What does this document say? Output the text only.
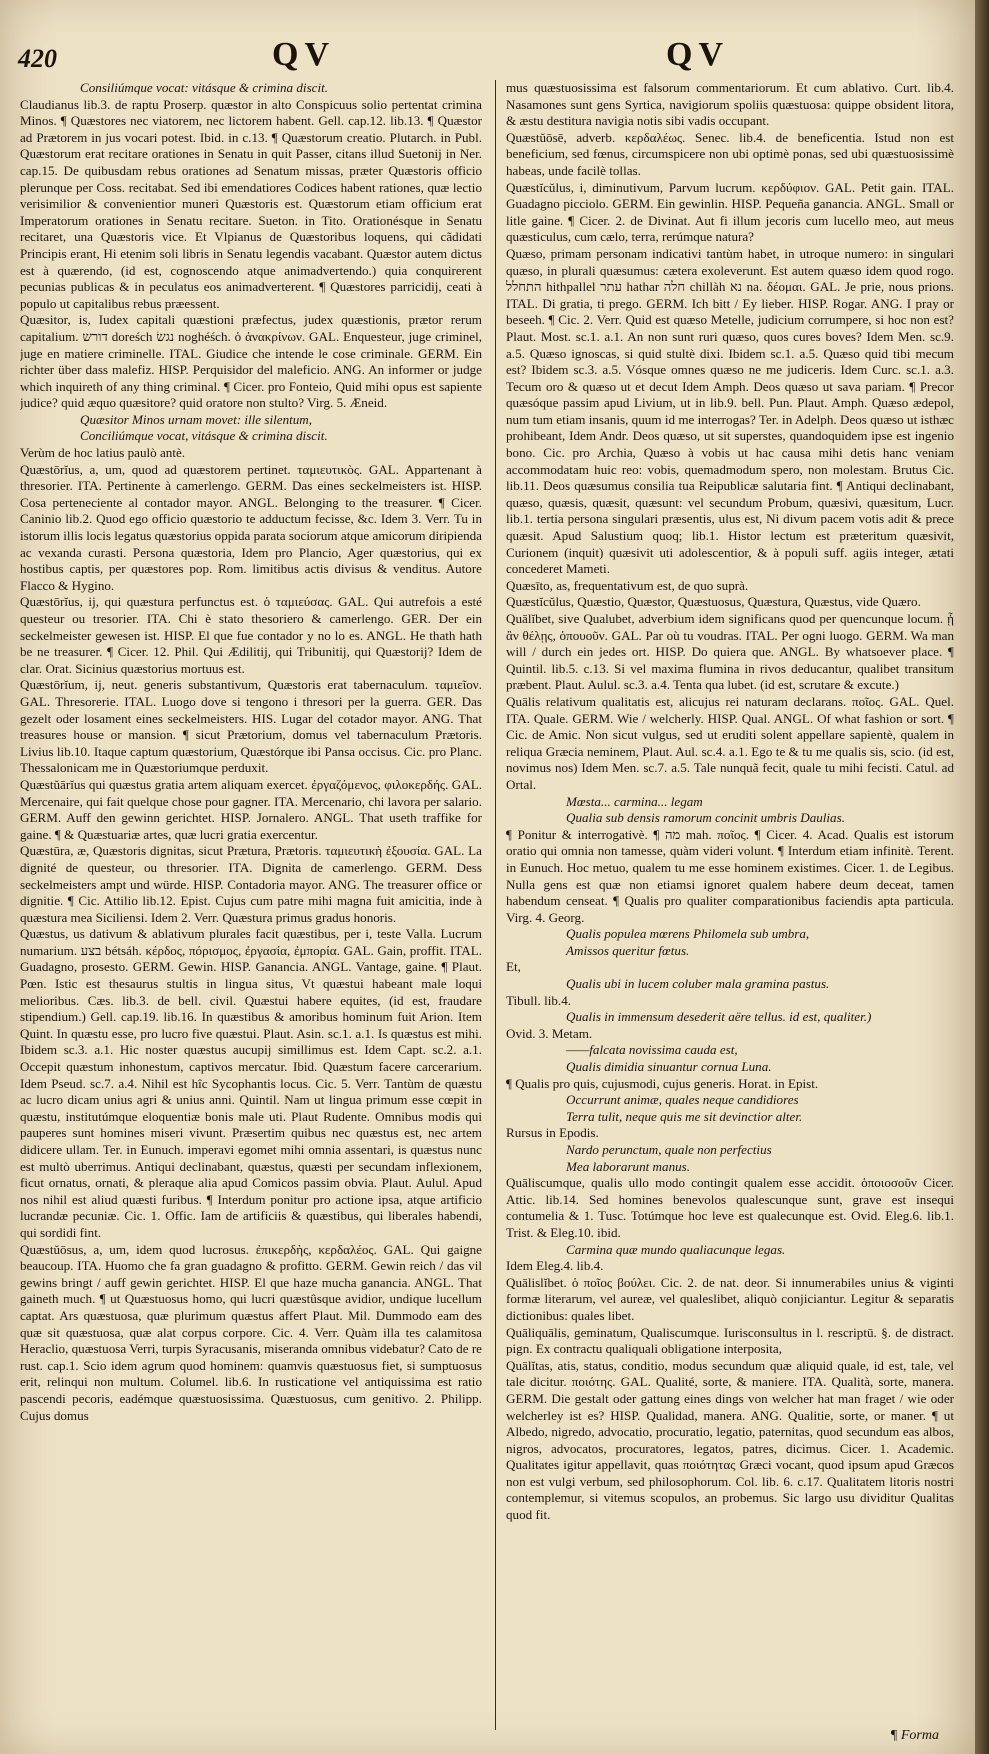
420	QV	QV

Consiliúmque vocat: vitásque & crimina discit.

Claudianus lib.3. de raptu Proserp. quæstor in alto Conspicuus solio pertentat crimina Minos. ¶ Quæstores nec viatorem, nec lictorem habent. Gell. cap.12. lib.13. ¶ Quæstor ad Prætorem in jus vocari potest. Ibid. in c.13. ¶ Quæstorum creatio. Plutarch. in Publ. Quæstorum erat recitare orationes in Senatu in quit Passer, citans illud Suetonij in Ner. cap.15. De quibusdam rebus orationes ad Senatum missas, præter Quæstoris officio plerunque per Coss. recitabat. Sed ibi emendatiores Codices habent rationes, quæ lectio verisimilior & convenientior muneri Quæstoris est. Quæstorum etiam officium erat Imperatorum orationes in Senatu recitare. Sueton. in Tito. Orationésque in Senatu recitaret, una Quæstoris vice. Et Vlpianus de Quæstoribus loquens, qui cãdidati Principis erant, Hi etenim soli libris in Senatu legendis vacabant. Quæstor autem dictus est à quærendo, (id est, cognoscendo atque animadvertendo.) quia conquirerent pecunias publicas & in peculatus eos animadverterent. ¶ Quæstores parricidij, ceati à populo ut capitalibus rebus præessent.

Quæsitor, is, Iudex capitali quæstioni præfectus, judex quæstionis, prætor rerum capitalium. דורש doreśch נגשׂ noghéśch. ὁ ἀνακρίνων. GAL. Enquesteur, juge criminel, juge en matiere criminelle. ITAL. Giudice che intende le cose criminale. GERM. Ein richter über dass malefiz. HISP. Perquisidor del maleficio. ANG. An informer or judge which inquireth of any thing criminal. ¶ Cicer. pro Fonteio, Quid mihi opus est sapiente judice? quid æquo quæsitore? quid oratore non stulto? Virg. 5. Æneid.

Quæsitor Minos urnam movet: ille silentum,

Conciliúmque vocat, vitásque & crimina discit.

Verùm de hoc latius paulò antè.

Quæstōrĭus, a, um, quod ad quæstorem pertinet. ταμιευτικὸς. GAL. Appartenant à thresorier. ITA. Pertinente à camerlengo. GERM. Das eines seckelmeisters ist. HISP. Cosa perteneciente al contador mayor. ANGL. Belonging to the treasurer. ¶ Cicer. Caninio lib.2. Quod ego officio quæstorio te adductum fecisse, &c. Idem 3. Verr. Tu in istorum illis locis legatus quæstorius oppida parata sociorum atque amicorum diripienda ac vexanda curasti. Persona quæstoria, Idem pro Plancio, Ager quæstorius, qui ex hostibus captis, per quæstores pop. Rom. limitibus actis divisus & venditus. Autore Flacco & Hygino.

Quæstōrĭus, ij, qui quæstura perfunctus est. ὁ ταμιεύσας. GAL. Qui autrefois a esté questeur ou tresorier. ITA. Chi è stato thesoriero & camerlengo. GER. Der ein seckelmeister gewesen ist. HISP. El que fue contador y no lo es. ANGL. He thath hath be ne treasurer. ¶ Cicer. 12. Phil. Qui Ædilitij, qui Tribunitij, qui Quæstorij? Idem de clar. Orat. Sicinius quæstorius mortuus est.

Quæstōrĭum, ij, neut. generis substantivum, Quæstoris erat tabernaculum. ταμιεῖον. GAL. Thresorerie. ITAL. Luogo dove si tengono i thresori per la guerra. GER. Das gezelt oder losament eines seckelmeisters. HIS. Lugar del cotador mayor. ANG. That treasures house or mansion. ¶ sicut Prætorium, domus vel tabernaculum Prætoris. Livius lib.10. Itaque captum quæstorium, Quæstórque ibi Pansa occisus. Cic. pro Planc. Thessalonicam me in Quæstoriumque perduxit.

Quæstŭārĭus qui quæstus gratia artem aliquam exercet. ἐργαζόμενος, φιλοκερδής. GAL. Mercenaire, qui fait quelque chose pour gagner. ITA. Mercenario, chi lavora per salario. GERM. Auff den gewinn gerichtet. HISP. Jornalero. ANGL. That useth traffike for gaine. ¶ & Quæstuariæ artes, quæ lucri gratia exercentur.

Quæstūra, æ, Quæstoris dignitas, sicut Prætura, Prætoris. ταμιευτικὴ ἐξουσία. GAL. La dignité de questeur, ou thresorier. ITA. Dignita de camerlengo. GERM. Dess seckelmeisters ampt und würde. HISP. Contadoria mayor. ANG. The treasurer office or dignitie. ¶ Cic. Attilio lib.12. Epist. Cujus cum patre mihi magna fuit amicitia, inde à quæstura mea Siciliensi. Idem 2. Verr. Quæstura primus gradus honoris.

Quæstus, us dativum & ablativum plurales facit quæstibus, per i, teste Valla. Lucrum numarium. בצע bétsáh. κέρδος, πόρισμος, ἐργασία, ἐμπορία. GAL. Gain, proffit. ITAL. Guadagno, prosesto. GERM. Gewin. HISP. Ganancia. ANGL. Vantage, gaine. ¶ Plaut. Pœn. Istic est thesaurus stultis in lingua situs, Vt quæstui habeant male loqui melioribus. Cæs. lib.3. de bell. civil. Quæstui habere equites, (id est, fraudare stipendium.) Gell. cap.19. lib.16. In quæstibus & amoribus hominum fuit Arion. Item Quint. In quæstu esse, pro lucro five quæstui. Plaut. Asin. sc.1. a.1. Is quæstus est mihi. Ibidem sc.3. a.1. Hic noster quæstus aucupij simillimus est. Idem Capt. sc.2. a.1. Occepit quæstum inhonestum, captivos mercatur. Ibid. Quæstum facere carcerarium. Idem Pseud. sc.7. a.4. Nihil est hîc Sycophantis locus. Cic. 5. Verr. Tantùm de quæstu ac lucro dicam unius agri & unius anni. Quintil. Nam ut lingua primum esse cœpit in quæstu, institutúmque eloquentiæ bonis male uti. Plaut Rudente. Omnibus modis qui pauperes sunt homines miseri vivunt. Præsertim quibus nec quæstus est, nec artem didicere ullam. Ter. in Eunuch. imperavi egomet mihi omnia assentari, is quæstus nunc est multò uberrimus. Antiqui declinabant, quæstus, quæsti per secundam inflexionem, ficut ornatus, ornati, & pleraque alia apud Comicos passim obvia. Plaut. Aulul. Apud nos nihil est aliud quæsti furibus. ¶ Interdum ponitur pro actione ipsa, atque artificio lucrandæ pecuniæ. Cic. 1. Offic. Iam de artificiis & quæstibus, qui liberales habendi, qui sordidi fint.

Quæstŭōsus, a, um, idem quod lucrosus. ἐπικερδὴς, κερδαλέος. GAL. Qui gaigne beaucoup. ITA. Huomo che fa gran guadagno & profitto. GERM. Gewin reich / das vil gewins bringt / auff gewin gerichtet. HISP. El que haze mucha ganancia. ANGL. That gaineth much. ¶ ut Quæstuosus homo, qui lucri quæstûsque avidior, undique lucellum captat. Ars quæstuosa, quæ plurimum quæstus affert Plaut. Mil. Dummodo eam des quæ sit quæstuosa, quæ alat corpus corpore. Cic. 4. Verr. Quàm illa tes calamitosa Heraclio, quæstuosa Verri, turpis Syracusanis, miseranda omnibus videbatur? Cato de re rust. cap.1. Scio idem agrum quod hominem: quamvis quæstuosus fiet, si sumptuosus erit, relinqui non multum. Columel. lib.6. In rusticatione vel antiquissima est ratio pascendi pecoris, eadémque quæstuosissima. Quæstuosus, cum genitivo. 2. Philipp. Cujus domus

mus quæstuosissima est falsorum commentariorum. Et cum ablativo. Curt. lib.4. Nasamones sunt gens Syrtica, navigiorum spoliis quæstuosa: quippe obsident litora, & æstu destitura navigia notis sibi vadis occupant.

Quæstŭōsē, adverb. κερδαλέως. Senec. lib.4. de beneficentia. Istud non est beneficium, sed fœnus, circumspicere non ubi optimè ponas, sed ubi quæstuosissimè habeas, unde facilè tollas.

Quæstĭcŭlus, i, diminutivum, Parvum lucrum. κερδύφιον. GAL. Petit gain. ITAL. Guadagno picciolo. GERM. Ein gewinlin. HISP. Pequeña ganancia. ANGL. Small or litle gaine. ¶ Cicer. 2. de Divinat. Aut fi illum jecoris cum lucello meo, aut meus quæsticulus, cum cælo, terra, rerúmque natura?

Quæso, primam personam indicativi tantùm habet, in utroque numero: in singulari quæso, in plurali quæsumus: cætera exoleverunt. Est autem quæso idem quod rogo. התחלל hithpallel עתר hathar חלה chillàh נא na. δέομαι. GAL. Je prie, nous prions. ITAL. Di gratia, ti prego. GERM. Ich bitt / Ey lieber. HISP. Rogar. ANG. I pray or beseeh. ¶ Cic. 2. Verr. Quid est quæso Metelle, judicium corrumpere, si hoc non est? Plaut. Most. sc.1. a.1. An non sunt ruri quæso, quos cures boves? Idem Men. sc.9. a.5. Quæso ignoscas, si quid stultè dixi. Ibidem sc.1. a.5. Quæso quid tibi mecum est? Ibidem sc.3. a.5. Vósque omnes quæso ne me judiceris. Idem Curc. sc.1. a.3. Tecum oro & quæso ut et decut Idem Amph. Deos quæso ut sava pariam. ¶ Precor quæsóque passim apud Livium, ut in lib.9. bell. Pun. Plaut. Amph. Quæso ædepol, num tum etiam insanis, quum id me interrogas? Ter. in Adelph. Deos quæso ut isthæc prohibeant, Idem Andr. Deos quæso, ut sit superstes, quandoquidem ipse est ingenio bono. Cic. pro Archia, Quæso à vobis ut hac causa mihi detis hanc veniam accommodatam huic reo: vobis, quemadmodum spero, non molestam. Brutus Cic. lib.11. Deos quæsumus consilia tua Reipublicæ salutaria fint. ¶ Antiqui declinabant, quæso, quæsis, quæsit, quæsunt: vel secundum Probum, quæsivi, quæsitum, Lucr. lib.1. tertia persona singulari præsentis, ulus est, Ni divum pacem votis adit & prece quæsit. Apud Salustium quoq; lib.1. Histor lectum est præteritum quæsivit, Curionem (inquit) quæsivit uti adolescentior, & à populi suff. agiis integer, ætati concederet Mameti.

Quæsīto, as, frequentativum est, de quo suprà.

Quæstĭcŭlus, Quæstio, Quæstor, Quæstuosus, Quæstura, Quæstus, vide Quæro.

Quālĭbet, sive Qualubet, adverbium idem significans quod per quencunque locum. ᾗ ἂν θέλῃς, ὁπουοῦν. GAL. Par où tu voudras. ITAL. Per ogni luogo. GERM. Wa man will / durch ein jedes ort. HISP. Do quiera que. ANGL. By whatsoever place. ¶ Quintil. lib.5. c.13. Si vel maxima flumina in rivos deducantur, qualibet transitum præbent. Plaut. Aulul. sc.3. a.4. Tenta qua lubet. (id est, scrutare & excute.)

Quālis relativum qualitatis est, alicujus rei naturam declarans. ποῖος. GAL. Quel. ITA. Quale. GERM. Wie / welcherly. HISP. Qual. ANGL. Of what fashion or sort. ¶ Cic. de Amic. Non sicut vulgus, sed ut eruditi solent appellare sapientè, qualem in reliqua Græcia neminem, Plaut. Aul. sc.4. a.1. Ego te & tu me qualis sis, scio. (id est, novimus nos) Idem Men. sc.7. a.5. Tale nunquã fecit, quale tu mihi fecisti. Catul. ad Ortal.

Mœsta... carmina... legam

Qualia sub densis ramorum concinit umbris Daulias.

¶ Ponitur & interrogativè. ¶ מה mah. ποῖος. ¶ Cicer. 4. Acad. Qualis est istorum oratio qui omnia non tamesse, quàm videri volunt. ¶ Interdum etiam infinitè. Terent. in Eunuch. Hoc metuo, qualem tu me esse hominem existimes. Cicer. 1. de Legibus. Nulla gens est quæ non etiamsi ignoret qualem habere deum deceat, tamen habendum censeat. ¶ Qualis pro qualiter comparationibus faciendis apta particula. Virg. 4. Georg.

Qualis populea mœrens Philomela sub umbra,

Amissos queritur fœtus.

Et,

Qualis ubi in lucem coluber mala gramina pastus.

Tibull. lib.4.

Qualis in immensum desederit aëre tellus. id est, qualiter.)

Ovid. 3. Metam.

——falcata novissima cauda est,

Qualis dimidia sinuantur cornua Luna.

¶ Qualis pro quis, cujusmodi, cujus generis. Horat. in Epist.

Occurrunt animæ, quales neque candidiores

Terra tulit, neque quis me sit devinctior alter.

Rursus in Epodis.

Nardo perunctum, quale non perfectius

Mea laborarunt manus.

Quāliscumque, qualis ullo modo contingit qualem esse accidit. ὁποιοσοῦν Cicer. Attic. lib.14. Sed homines benevolos qualescunque sunt, grave est insequi contumelia & 1. Tusc. Totúmque hoc leve est qualecunque est. Ovid. Eleg.6. lib.1. Trist. & Eleg.10. ibid.

Carmina quæ mundo qualiacunque legas.

Idem Eleg.4. lib.4.

Quālislĭbet. ὁ ποῖος βούλει. Cic. 2. de nat. deor. Si innumerabiles unius & viginti formæ literarum, vel aureæ, vel qualeslibet, aliquò conjiciantur. Legitur & separatis dictionibus: quales libet.

Quāliquālis, geminatum, Qualiscumque. Iurisconsultus in l. rescriptū. §. de distract. pign. Ex contractu qualiquali obligatione interposita,

Quālĭtas, atis, status, conditio, modus secundum quæ aliquid quale, id est, tale, vel tale dicitur. ποιότης. GAL. Qualité, sorte, & maniere. ITA. Qualità, sorte, manera. GERM. Die gestalt oder gattung eines dings von welcher hat man fraget / wie oder welcherley ist es? HISP. Qualidad, manera. ANG. Qualitie, sorte, or maner. ¶ ut Albedo, nigredo, advocatio, procuratio, legatio, paternitas, quod secundum eas albos, nigros, advocatos, procuratores, legatos, patres, dicimus. Cicer. 1. Academic. Qualitates igitur appellavit, quas ποιότητας Græci vocant, quod ipsum apud Græcos non est vulgi verbum, sed philosophorum. Col. lib. 6. c.17. Qualitatem litoris nostri contemplemur, si vitemus scopulos, an probemus. Sic largo usu dividitur Qualitas quod fit.

¶ Forma
